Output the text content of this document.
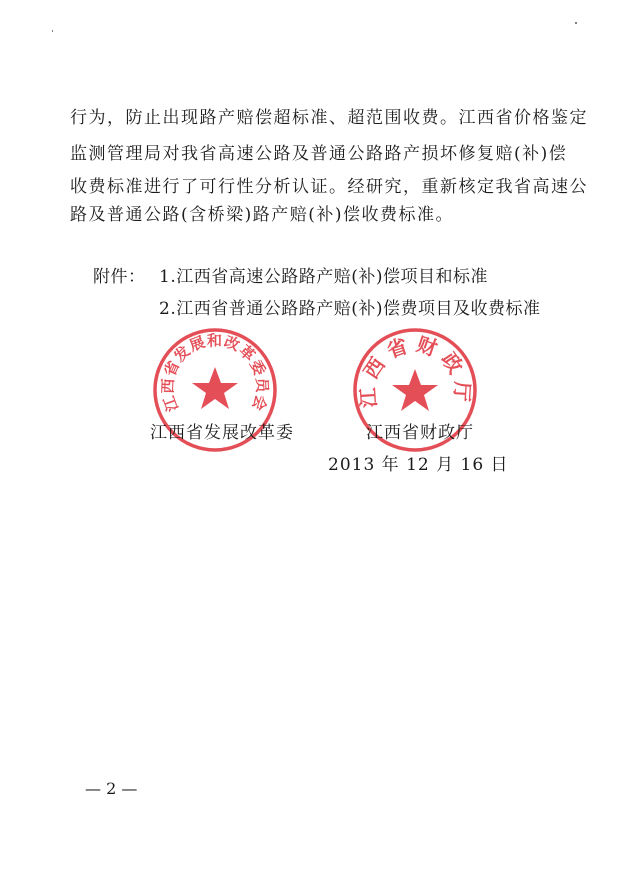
行为，防止出现路产赔偿超标准、超范围收费。江西省价格鉴定
监测管理局对我省高速公路及普通公路路产损坏修复赔(补)偿
收费标准进行了可行性分析认证。经研究，重新核定我省高速公
路及普通公路(含桥梁)路产赔(补)偿收费标准。
附件： 1.江西省高速公路路产赔(补)偿项目和标准
2.江西省普通公路路产赔(补)偿费项目及收费标准
江西省发展和改革委员会	江西省财政厅
江西省发展改革委	江西省财政厅
2013 年 12 月 16 日
— 2 —
